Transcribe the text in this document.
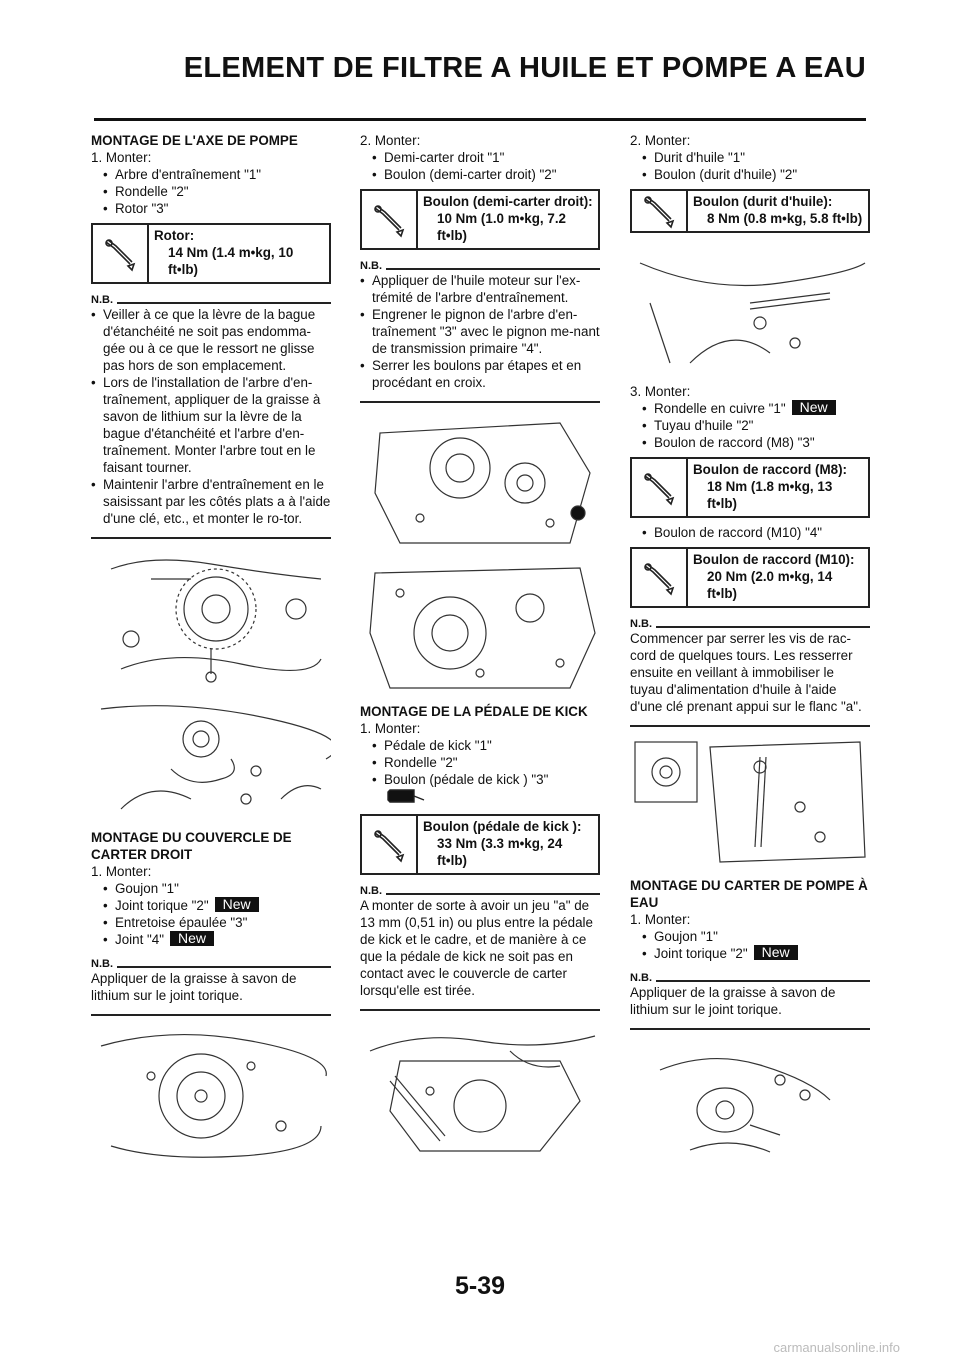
ELEMENT DE FILTRE A HUILE ET POMPE A EAU
MONTAGE DE L'AXE DE POMPE

1. Monter:

• Arbre d'entraînement "1"
• Rondelle "2"
• Rotor "3"
Rotor:
14 Nm (1.4 m•kg, 10 ft•lb)
N.B.
• Veiller à ce que la lèvre de la bague d'étanchéité ne soit pas endomma-gée ou à ce que le ressort ne glisse pas hors de son emplacement.
• Lors de l'installation de l'arbre d'en-traînement, appliquer de la graisse à savon de lithium sur la lèvre de la bague d'étanchéité et l'arbre d'en-traînement. Monter l'arbre tout en le faisant tourner.
• Maintenir l'arbre d'entraînement en le saisissant par les côtés plats a à l'aide d'une clé, etc., et monter le ro-tor.
MONTAGE DU COUVERCLE DE CARTER DROIT

1. Monter:

• Goujon "1"
• Joint torique "2" New
• Entretoise épaulée "3"
• Joint "4" New
N.B.
Appliquer de la graisse à savon de lithium sur le joint torique.

2. Monter:

• Demi-carter droit "1"
• Boulon (demi-carter droit) "2"
Boulon (demi-carter droit):
10 Nm (1.0 m•kg, 7.2 ft•lb)
N.B.
• Appliquer de l'huile moteur sur l'ex-trémité de l'arbre d'entraînement.
• Engrener le pignon de l'arbre d'en-traînement "3" avec le pignon me-nant de transmission primaire "4".
• Serrer les boulons par étapes et en procédant en croix.
MONTAGE DE LA PÉDALE DE KICK

1. Monter:

• Pédale de kick "1"
• Rondelle "2"
• Boulon (pédale de kick ) "3"
Boulon (pédale de kick ):
33 Nm (3.3 m•kg, 24 ft•lb)
N.B.
A monter de sorte à avoir un jeu "a" de 13 mm (0,51 in) ou plus entre la pédale de kick et le cadre, et de manière à ce que la pédale de kick ne soit pas en contact avec le couvercle de carter lorsqu'elle est tirée.

2. Monter:

• Durit d'huile "1"
• Boulon (durit d'huile) "2"
Boulon (durit d'huile):
8 Nm (0.8 m•kg, 5.8 ft•lb)

3. Monter:

• Rondelle en cuivre "1" New
• Tuyau d'huile "2"
• Boulon de raccord (M8) "3"
Boulon de raccord (M8):
18 Nm (1.8 m•kg, 13 ft•lb)
• Boulon de raccord (M10) "4"
Boulon de raccord (M10):
20 Nm (2.0 m•kg, 14 ft•lb)
N.B.
Commencer par serrer les vis de rac-cord de quelques tours. Les resserrer ensuite en veillant à immobiliser le tuyau d'alimentation d'huile à l'aide d'une clé prenant appui sur le flanc "a".
MONTAGE DU CARTER DE POMPE À EAU

1. Monter:

• Goujon "1"
• Joint torique "2" New
N.B.
Appliquer de la graisse à savon de lithium sur le joint torique.
5-39
carmanualsonline.info
